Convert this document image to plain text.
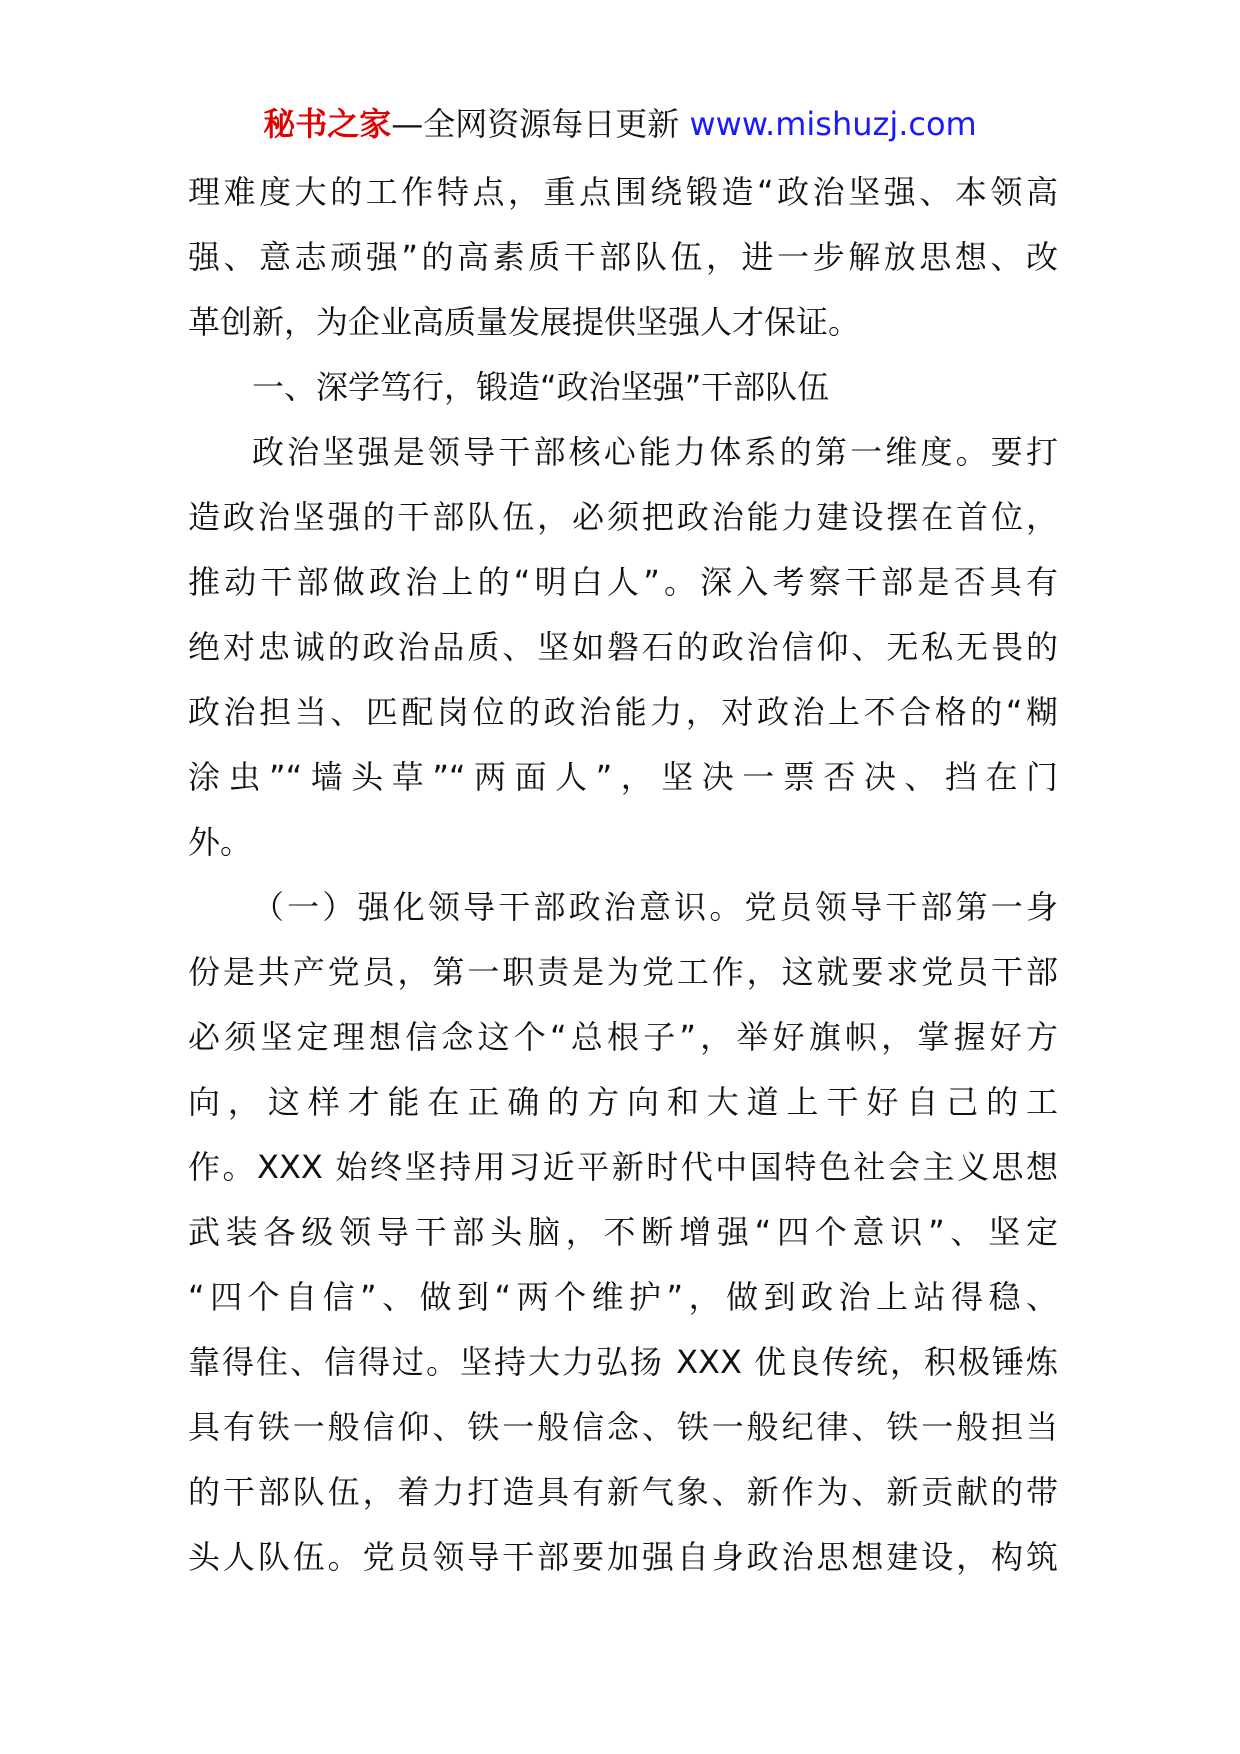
秘书之家—全网资源每日更新 www.mishuzj.com
理难度大的工作特点，重点围绕锻造“政治坚强、本领高
强、意志顽强”的高素质干部队伍，进一步解放思想、改
革创新，为企业高质量发展提供坚强人才保证。
一、深学笃行，锻造“政治坚强”干部队伍
政治坚强是领导干部核心能力体系的第一维度。要打
造政治坚强的干部队伍，必须把政治能力建设摆在首位，
推动干部做政治上的“明白人”。深入考察干部是否具有
绝对忠诚的政治品质、坚如磐石的政治信仰、无私无畏的
政治担当、匹配岗位的政治能力，对政治上不合格的“糊
涂虫”“墙头草”“两面人”，坚决一票否决、挡在门
外。
（一）强化领导干部政治意识。党员领导干部第一身
份是共产党员，第一职责是为党工作，这就要求党员干部
必须坚定理想信念这个“总根子”，举好旗帜，掌握好方
向，这样才能在正确的方向和大道上干好自己的工
作。XXX 始终坚持用习近平新时代中国特色社会主义思想
武装各级领导干部头脑，不断增强“四个意识”、坚定
“四个自信”、做到“两个维护”，做到政治上站得稳、
靠得住、信得过。坚持大力弘扬 XXX 优良传统，积极锤炼
具有铁一般信仰、铁一般信念、铁一般纪律、铁一般担当
的干部队伍，着力打造具有新气象、新作为、新贡献的带
头人队伍。党员领导干部要加强自身政治思想建设，构筑
